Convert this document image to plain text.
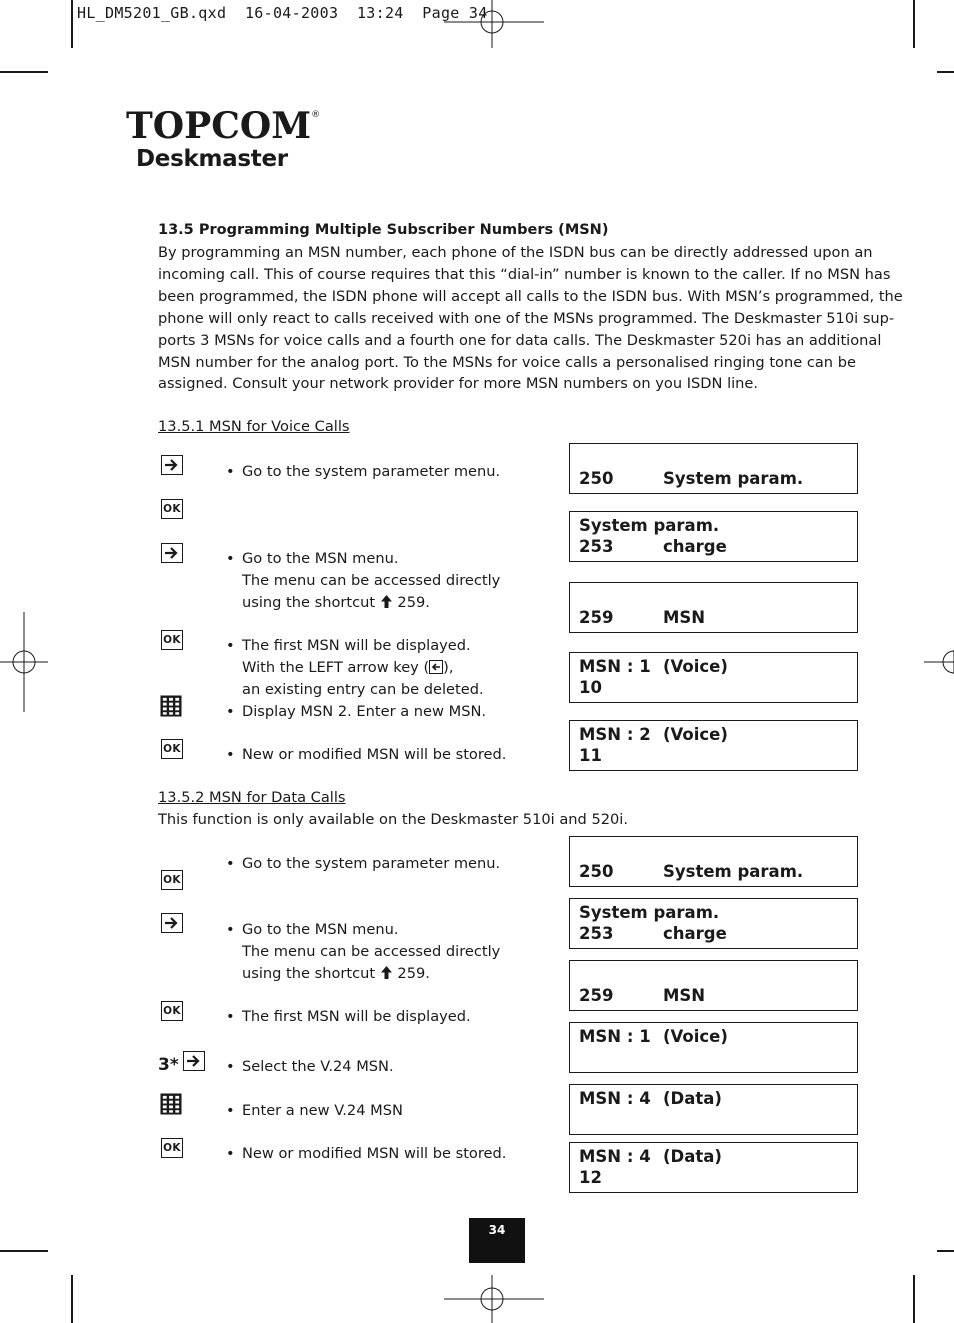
HL_DM5201_GB.qxd 16-04-2003 13:24 Page 34
TOPCOM®
Deskmaster
13.5 Programming Multiple Subscriber Numbers (MSN)
By programming an MSN number, each phone of the ISDN bus can be directly addressed upon an
incoming call. This of course requires that this “dial-in” number is known to the caller. If no MSN has
been programmed, the ISDN phone will accept all calls to the ISDN bus. With MSN’s programmed, the
phone will only react to calls received with one of the MSNs programmed. The Deskmaster 510i sup-
ports 3 MSNs for voice calls and a fourth one for data calls. The Deskmaster 520i has an additional
MSN number for the analog port. To the MSNs for voice calls a personalised ringing tone can be
assigned. Consult your network provider for more MSN numbers on you ISDN line.
13.5.1 MSN for Voice Calls
OK
OK
OK
• Go to the system parameter menu.
• Go to the MSN menu.
The menu can be accessed directly
using the shortcut  259.
• The first MSN will be displayed.
With the LEFT arrow key ( ),
an existing entry can be deleted.
• Display MSN 2. Enter a new MSN.
• New or modified MSN will be stored.
250	System param.
System param.
253	charge
259	MSN
MSN : 1 (Voice)
10
MSN : 2 (Voice)
11
13.5.2 MSN for Data Calls
This function is only available on the Deskmaster 510i and 520i.
OK
OK
3*
OK
• Go to the system parameter menu.
• Go to the MSN menu.
The menu can be accessed directly
using the shortcut  259.
• The first MSN will be displayed.
• Select the V.24 MSN.
• Enter a new V.24 MSN
• New or modified MSN will be stored.
250	System param.
System param.
253	charge
259	MSN
MSN : 1 (Voice)
MSN : 4 (Data)
MSN : 4 (Data)
12
34
